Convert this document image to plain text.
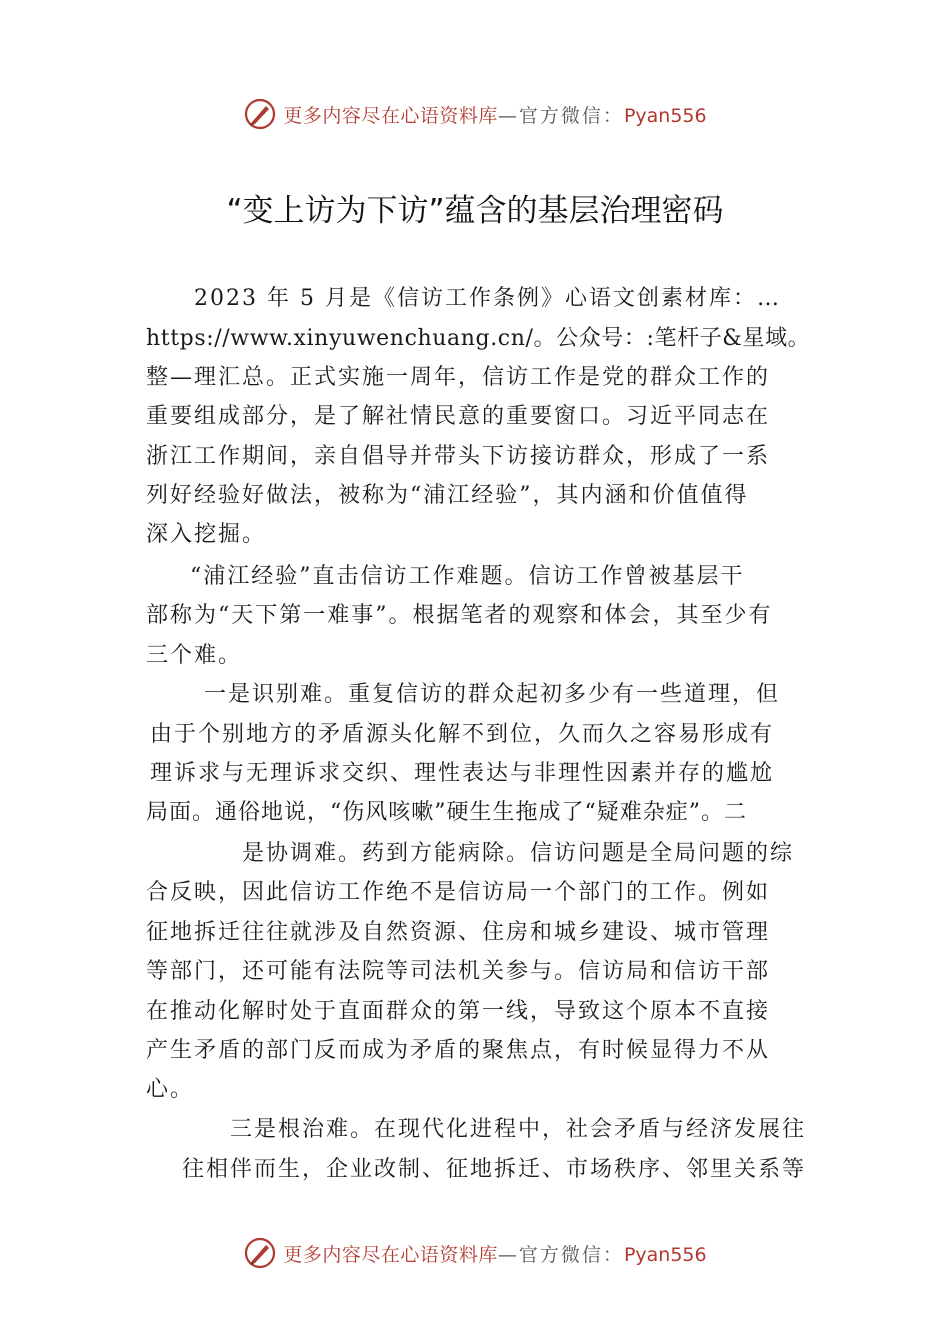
更多内容尽在心语资料库—官方微信：Pyan556
“变上访为下访”蕴含的基层治理密码
2023 年 5 月是《信访工作条例》心语文创素材库：…
https://www.xinyuwenchuang.cn/。公众号：:笔杆子&星域。
整—理汇总。正式实施一周年，信访工作是党的群众工作的
重要组成部分，是了解社情民意的重要窗口。习近平同志在
浙江工作期间，亲自倡导并带头下访接访群众，形成了一系
列好经验好做法，被称为“浦江经验”，其内涵和价值值得
深入挖掘。
“浦江经验”直击信访工作难题。信访工作曾被基层干
部称为“天下第一难事”。根据笔者的观察和体会，其至少有
三个难。
一是识别难。重复信访的群众起初多少有一些道理，但
由于个别地方的矛盾源头化解不到位，久而久之容易形成有
理诉求与无理诉求交织、理性表达与非理性因素并存的尴尬
局面。通俗地说，“伤风咳嗽”硬生生拖成了“疑难杂症”。二
是协调难。药到方能病除。信访问题是全局问题的综
合反映，因此信访工作绝不是信访局一个部门的工作。例如
征地拆迁往往就涉及自然资源、住房和城乡建设、城市管理
等部门，还可能有法院等司法机关参与。信访局和信访干部
在推动化解时处于直面群众的第一线，导致这个原本不直接
产生矛盾的部门反而成为矛盾的聚焦点，有时候显得力不从
心。
三是根治难。在现代化进程中，社会矛盾与经济发展往
往相伴而生，企业改制、征地拆迁、市场秩序、邻里关系等
更多内容尽在心语资料库—官方微信：Pyan556
